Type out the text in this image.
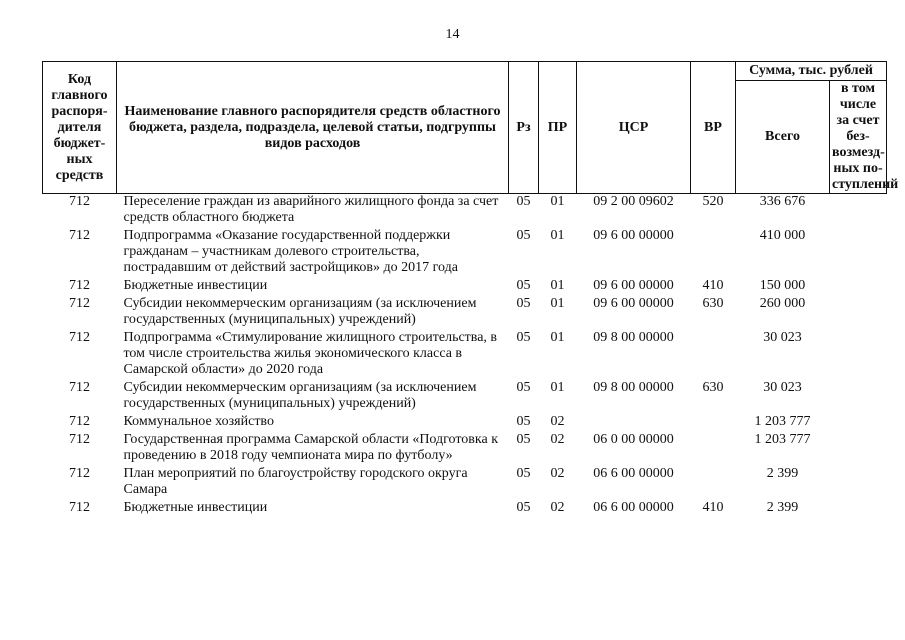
14
Код главного распоря-дителя бюджет-ных средств	Наименование главного распорядителя средств областного бюджета, раздела, подраздела, целевой статьи, подгруппы видов расходов	Рз	ПР	ЦСР	ВР	Сумма, тыс. рублей	
						Всего	в том числе за счет без-возмезд-ных по-ступлений
712	Переселение граждан из аварийного жилищного фонда за счет средств областного бюджета	05	01	09 2 00 09602	520	336 676	
712	Подпрограмма «Оказание государственной поддержки гражданам – участникам долевого строительства, пострадавшим от действий застройщиков» до 2017 года	05	01	09 6 00 00000		410 000	
712	Бюджетные инвестиции	05	01	09 6 00 00000	410	150 000	
712	Субсидии некоммерческим организациям (за исключением государственных (муниципальных) учреждений)	05	01	09 6 00 00000	630	260 000	
712	Подпрограмма «Стимулирование жилищного строительства, в том числе строительства жилья экономического класса в Самарской области» до 2020 года	05	01	09 8 00 00000		30 023	
712	Субсидии некоммерческим организациям (за исключением государственных (муниципальных) учреждений)	05	01	09 8 00 00000	630	30 023	
712	Коммунальное хозяйство	05	02			1 203 777	
712	Государственная программа Самарской области «Подготовка к проведению в 2018 году чемпионата мира по футболу»	05	02	06 0 00 00000		1 203 777	
712	План мероприятий по благоустройству городского округа Самара	05	02	06 6 00 00000		2 399	
712	Бюджетные инвестиции	05	02	06 6 00 00000	410	2 399	
